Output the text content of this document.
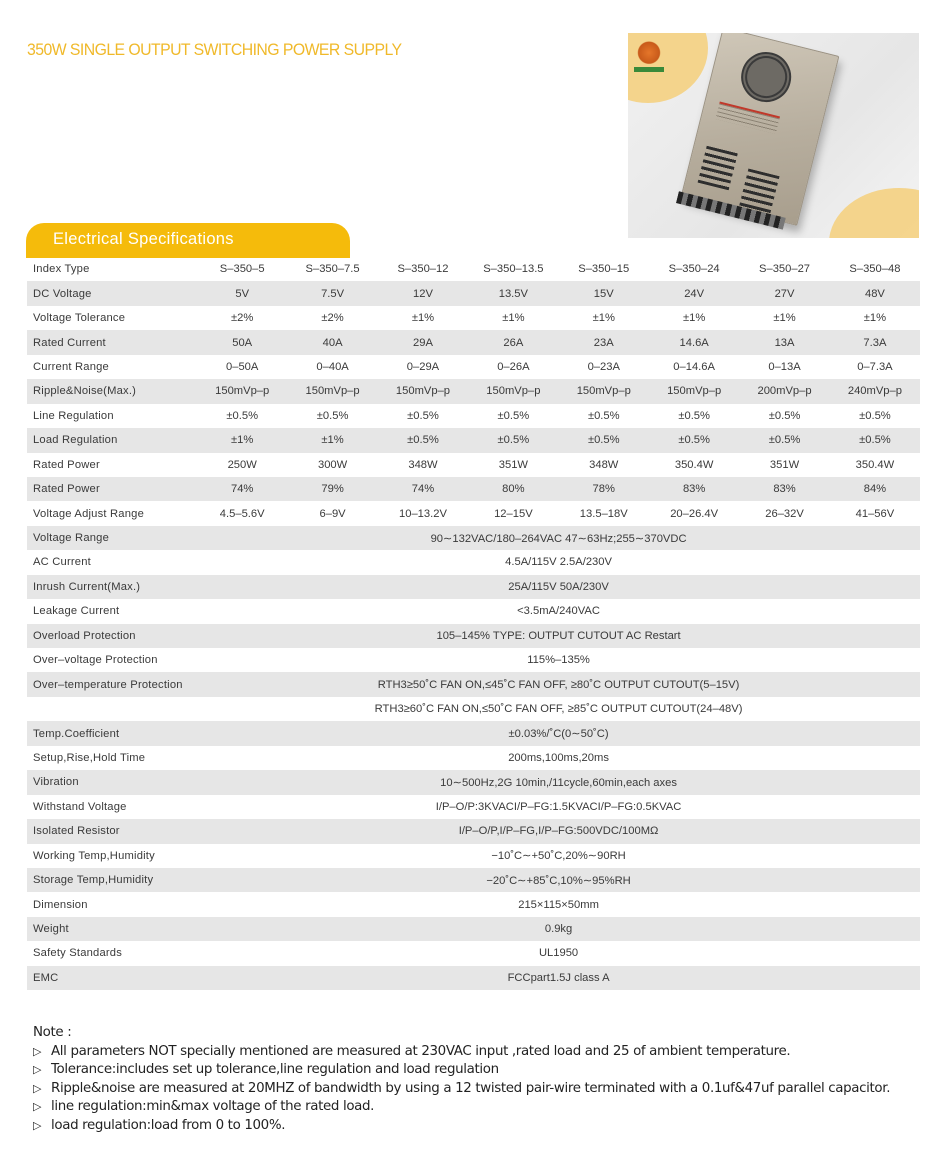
350W SINGLE OUTPUT SWITCHING POWER SUPPLY
Electrical Specifications
Index Type	S–350–5	S–350–7.5	S–350–12	S–350–13.5	S–350–15	S–350–24	S–350–27	S–350–48
DC Voltage	5V	7.5V	12V	13.5V	15V	24V	27V	48V
Voltage Tolerance	±2%	±2%	±1%	±1%	±1%	±1%	±1%	±1%
Rated Current	50A	40A	29A	26A	23A	14.6A	13A	7.3A
Current Range	0–50A	0–40A	0–29A	0–26A	0–23A	0–14.6A	0–13A	0–7.3A
Ripple&Noise(Max.)	150mVp–p	150mVp–p	150mVp–p	150mVp–p	150mVp–p	150mVp–p	200mVp–p	240mVp–p
Line Regulation	±0.5%	±0.5%	±0.5%	±0.5%	±0.5%	±0.5%	±0.5%	±0.5%
Load Regulation	±1%	±1%	±0.5%	±0.5%	±0.5%	±0.5%	±0.5%	±0.5%
Rated Power	250W	300W	348W	351W	348W	350.4W	351W	350.4W
Rated Power	74%	79%	74%	80%	78%	83%	83%	84%
Voltage Adjust Range	4.5–5.6V	6–9V	10–13.2V	12–15V	13.5–18V	20–26.4V	26–32V	41–56V
Voltage Range	90∼132VAC/180–264VAC 47∼63Hz;255∼370VDC							
AC Current	4.5A/115V 2.5A/230V							
Inrush Current(Max.)	25A/115V 50A/230V							
Leakage Current	<3.5mA/240VAC							
Overload Protection	105–145% TYPE: OUTPUT CUTOUT AC Restart							
Over–voltage Protection	115%–135%							
Over–temperature Protection	RTH3≥50˚C FAN ON,≤45˚C FAN OFF, ≥80˚C OUTPUT CUTOUT(5–15V)							
	RTH3≥60˚C FAN ON,≤50˚C FAN OFF, ≥85˚C OUTPUT CUTOUT(24–48V)							
Temp.Coefficient	±0.03%/˚C(0∼50˚C)							
Setup,Rise,Hold Time	200ms,100ms,20ms							
Vibration	10∼500Hz,2G 10min,/11cycle,60min,each axes							
Withstand Voltage	I/P–O/P:3KVACI/P–FG:1.5KVACI/P–FG:0.5KVAC							
Isolated Resistor	I/P–O/P,I/P–FG,I/P–FG:500VDC/100MΩ							
Working Temp,Humidity	−10˚C∼+50˚C,20%∼90RH							
Storage Temp,Humidity	−20˚C∼+85˚C,10%∼95%RH							
Dimension	215×115×50mm							
Weight	0.9kg							
Safety Standards	UL1950							
EMC	FCCpart1.5J class A							
Note :
▷ All parameters NOT specially mentioned are measured at 230VAC input ,rated load and 25 of ambient temperature.
▷ Tolerance:includes set up tolerance,line regulation and load regulation
▷ Ripple&noise are measured at 20MHZ of bandwidth by using a 12 twisted pair-wire terminated with a 0.1uf&47uf parallel capacitor.
▷ line regulation:min&max voltage of the rated load.
▷ load regulation:load from 0 to 100%.
